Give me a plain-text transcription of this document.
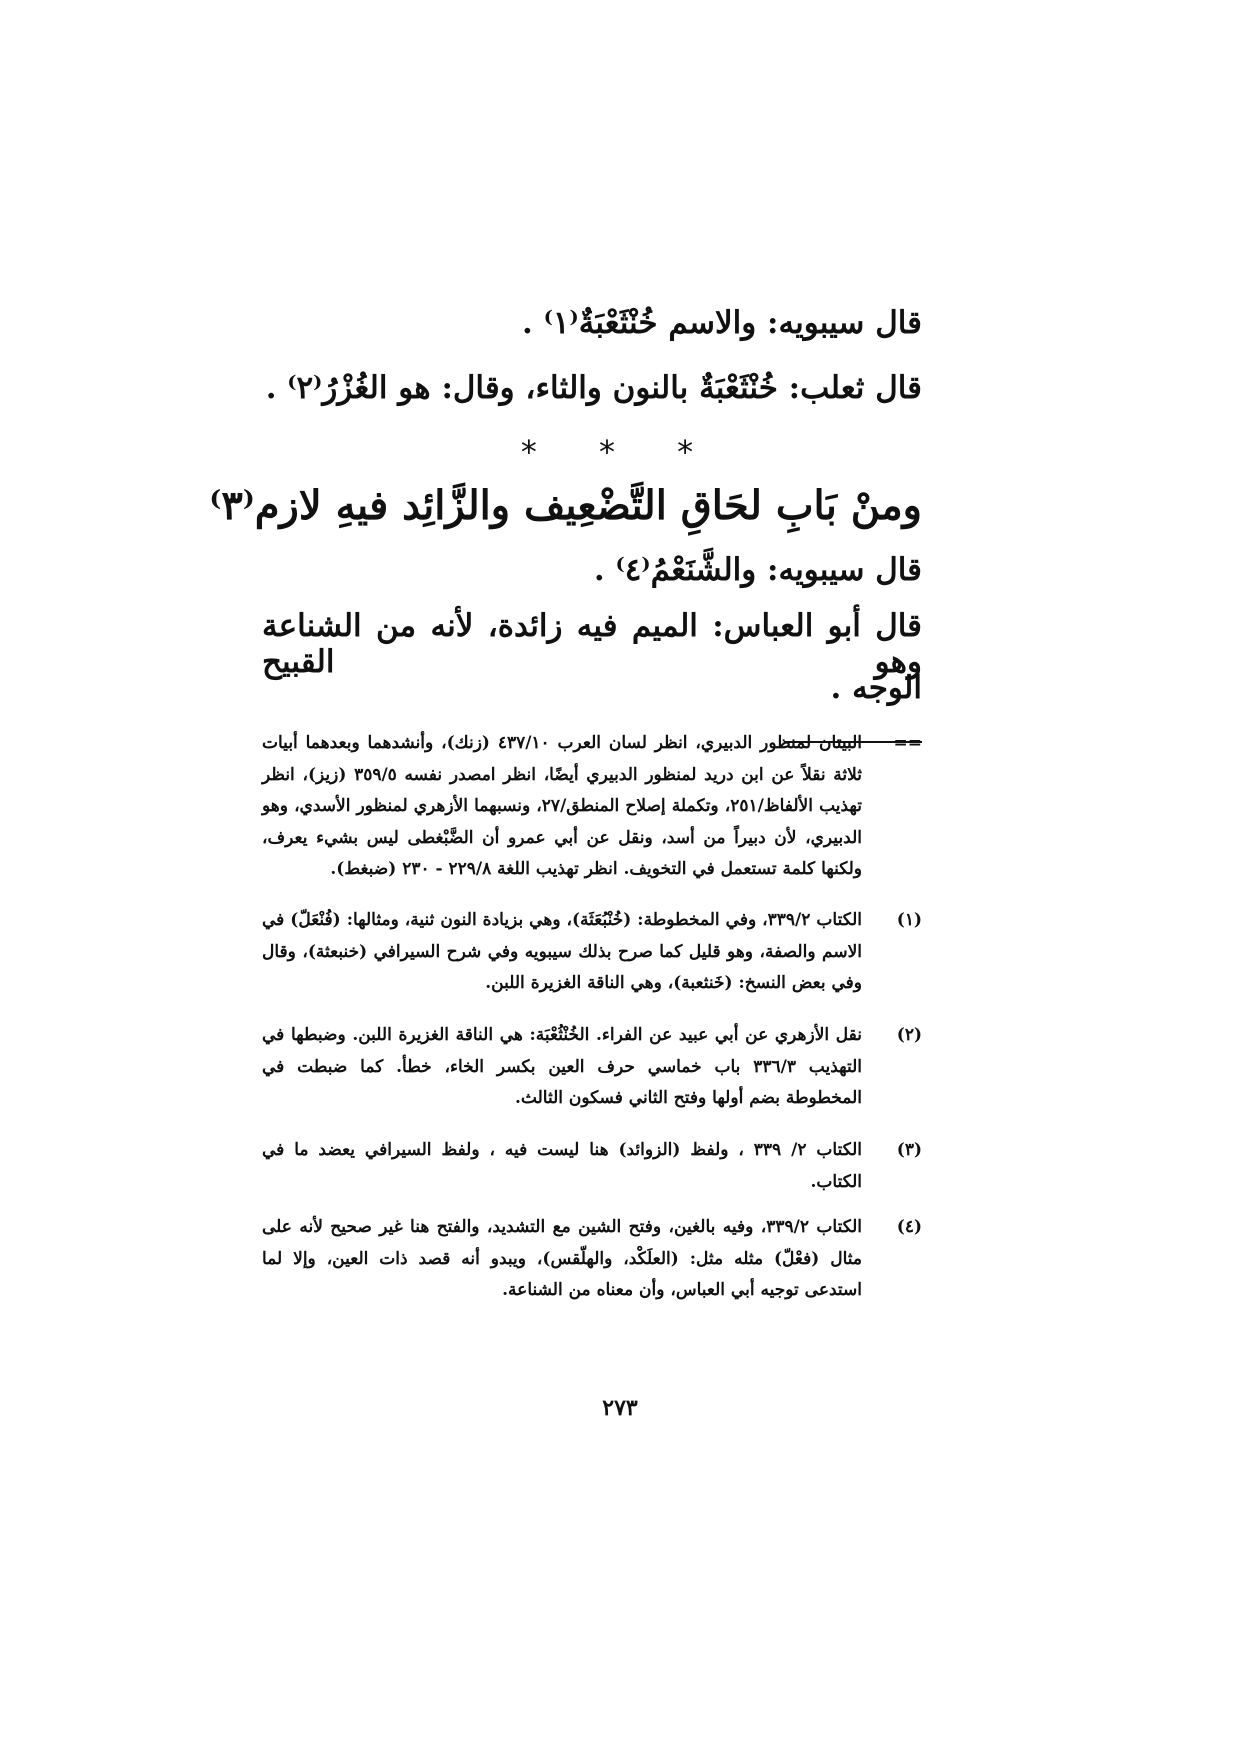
قال سيبويه: والاسم خُنْثَعْبَةٌ⁽١⁾ .
قال ثعلب: خُنْثَعْبَةٌ بالنون والثاء، وقال: هو الغُزْرُ⁽٢⁾ .
* * *
ومنْ بَابِ لحَاقِ التَّضْعِيف والزَّائِد فيهِ لازم⁽٣⁾
قال سيبويه: والشَّنَعْمُ⁽٤⁾ .
قال أبو العباس: الميم فيه زائدة، لأنه من الشناعة وهو القبيح
الوجه .
==
البيتان لمنظور الدبيري، انظر لسان العرب ٤٣٧/١٠ (زنك)، وأنشدهما وبعدهما أبيات ثلاثة نقلاً عن ابن دريد لمنظور الدبيري أيضًا، انظر امصدر نفسه ٣٥٩/٥ (زيز)، انظر تهذيب الألفاظ/٢٥١، وتكملة إصلاح المنطق/٢٧، ونسبهما الأزهري لمنظور الأسدي، وهو الدبيري، لأن دبيراً من أسد، ونقل عن أبي عمرو أن الضَّبْغطى ليس بشيء يعرف، ولكنها كلمة تستعمل في التخويف. انظر تهذيب اللغة ٢٢٩/٨ - ٢٣٠ (ضبغط).
(١)
الكتاب ٣٣٩/٢، وفي المخطوطة: (خُنْبُعَثَة)، وهي بزيادة النون ثنية، ومثالها: (فُنْعَلّ) في الاسم والصفة، وهو قليل كما صرح بذلك سيبويه وفي شرح السيرافي (خنبعثة)، وقال وفي بعض النسخ: (خَنثعبة)، وهي الناقة الغزيرة اللبن.
(٢)
نقل الأزهري عن أبي عبيد عن الفراء. الخُنْثُعْبَة: هي الناقة الغزيرة اللبن. وضبطها في التهذيب ٣٣٦/٣ باب خماسي حرف العين بكسر الخاء، خطأ. كما ضبطت في المخطوطة بضم أولها وفتح الثاني فسكون الثالث.
(٣)
الكتاب ٢/ ٣٣٩ ، ولفظ (الزوائد) هنا ليست فيه ، ولفظ السيرافي يعضد ما في الكتاب.
(٤)
الكتاب ٣٣٩/٢، وفيه بالغين، وفتح الشين مع التشديد، والفتح هنا غير صحيح لأنه على مثال (فعْلّ) مثله مثل: (العلَكْد، والهلّقس)، ويبدو أنه قصد ذات العين، وإلا لما استدعى توجيه أبي العباس، وأن معناه من الشناعة.
٢٧٣
